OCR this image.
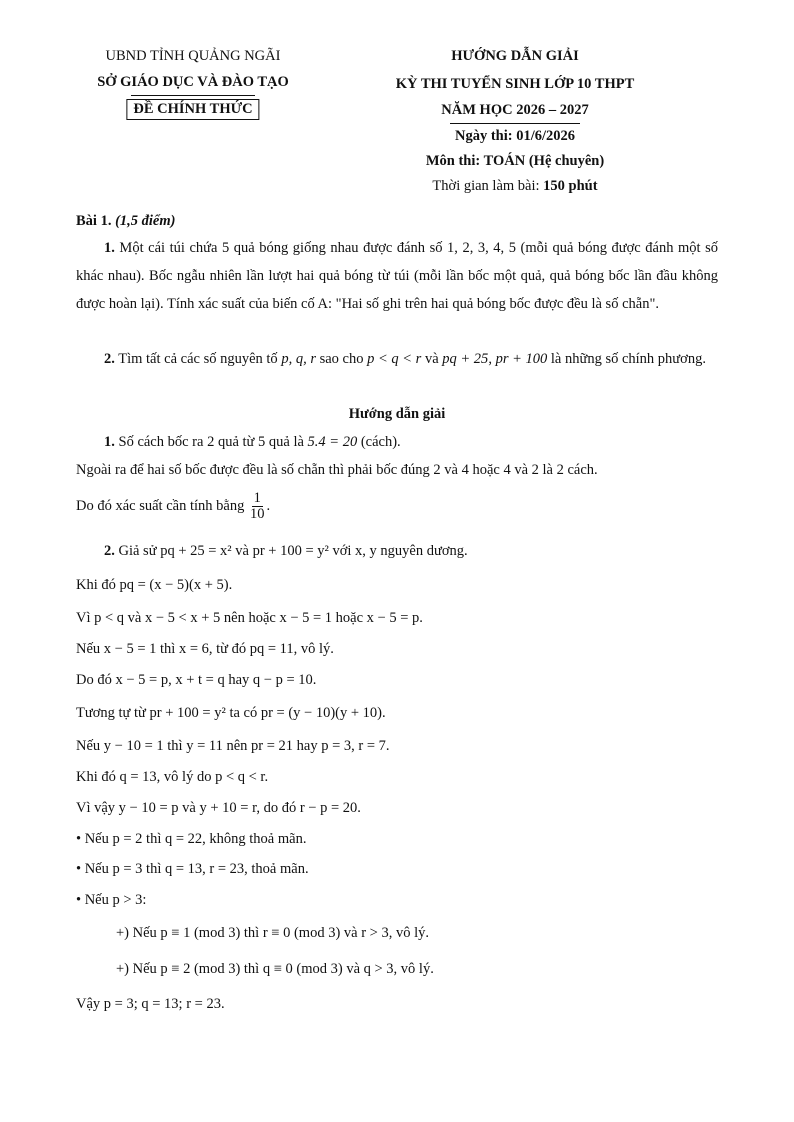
UBND TỈNH QUẢNG NGÃI
SỞ GIÁO DỤC VÀ ĐÀO TẠO
ĐỀ CHÍNH THỨC
HƯỚNG DẪN GIẢI
KỲ THI TUYỂN SINH LỚP 10 THPT
NĂM HỌC 2026 – 2027
Ngày thi: 01/6/2026
Môn thi: TOÁN (Hệ chuyên)
Thời gian làm bài: 150 phút
Bài 1. (1,5 điểm)
1. Một cái túi chứa 5 quả bóng giống nhau được đánh số 1, 2, 3, 4, 5 (mỗi quả bóng được đánh một số khác nhau). Bốc ngẫu nhiên lần lượt hai quả bóng từ túi (mỗi lần bốc một quả, quả bóng bốc lần đầu không được hoàn lại). Tính xác suất của biến cố A: "Hai số ghi trên hai quả bóng bốc được đều là số chẵn".
2. Tìm tất cả các số nguyên tố p, q, r sao cho p < q < r và pq + 25, pr + 100 là những số chính phương.
Hướng dẫn giải
1. Số cách bốc ra 2 quả từ 5 quả là 5.4 = 20 (cách).
Ngoài ra để hai số bốc được đều là số chẵn thì phải bốc đúng 2 và 4 hoặc 4 và 2 là 2 cách.
Do đó xác suất cần tính bằng $\frac{1}{10}$ .
2. Giả sử pq + 25 = x² và pr + 100 = y² với x, y nguyên dương.
Khi đó pq = (x − 5)(x + 5).
Vì p < q và x − 5 < x + 5 nên hoặc x − 5 = 1 hoặc x − 5 = p.
Nếu x − 5 = 1 thì x = 6, từ đó pq = 11, vô lý.
Do đó x − 5 = p, x + t = q hay q − p = 10.
Tương tự từ pr + 100 = y² ta có pr = (y − 10)(y + 10).
Nếu y − 10 = 1 thì y = 11 nên pr = 21 hay p = 3, r = 7.
Khi đó q = 13, vô lý do p < q < r.
Vì vậy y − 10 = p và y + 10 = r, do đó r − p = 20.
• Nếu p = 2 thì q = 22, không thoả mãn.
• Nếu p = 3 thì q = 13, r = 23, thoả mãn.
• Nếu p > 3:
+) Nếu p ≡ 1 (mod 3) thì r ≡ 0 (mod 3) và r > 3, vô lý.
+) Nếu p ≡ 2 (mod 3) thì q ≡ 0 (mod 3) và q > 3, vô lý.
Vậy p = 3; q = 13; r = 23.
